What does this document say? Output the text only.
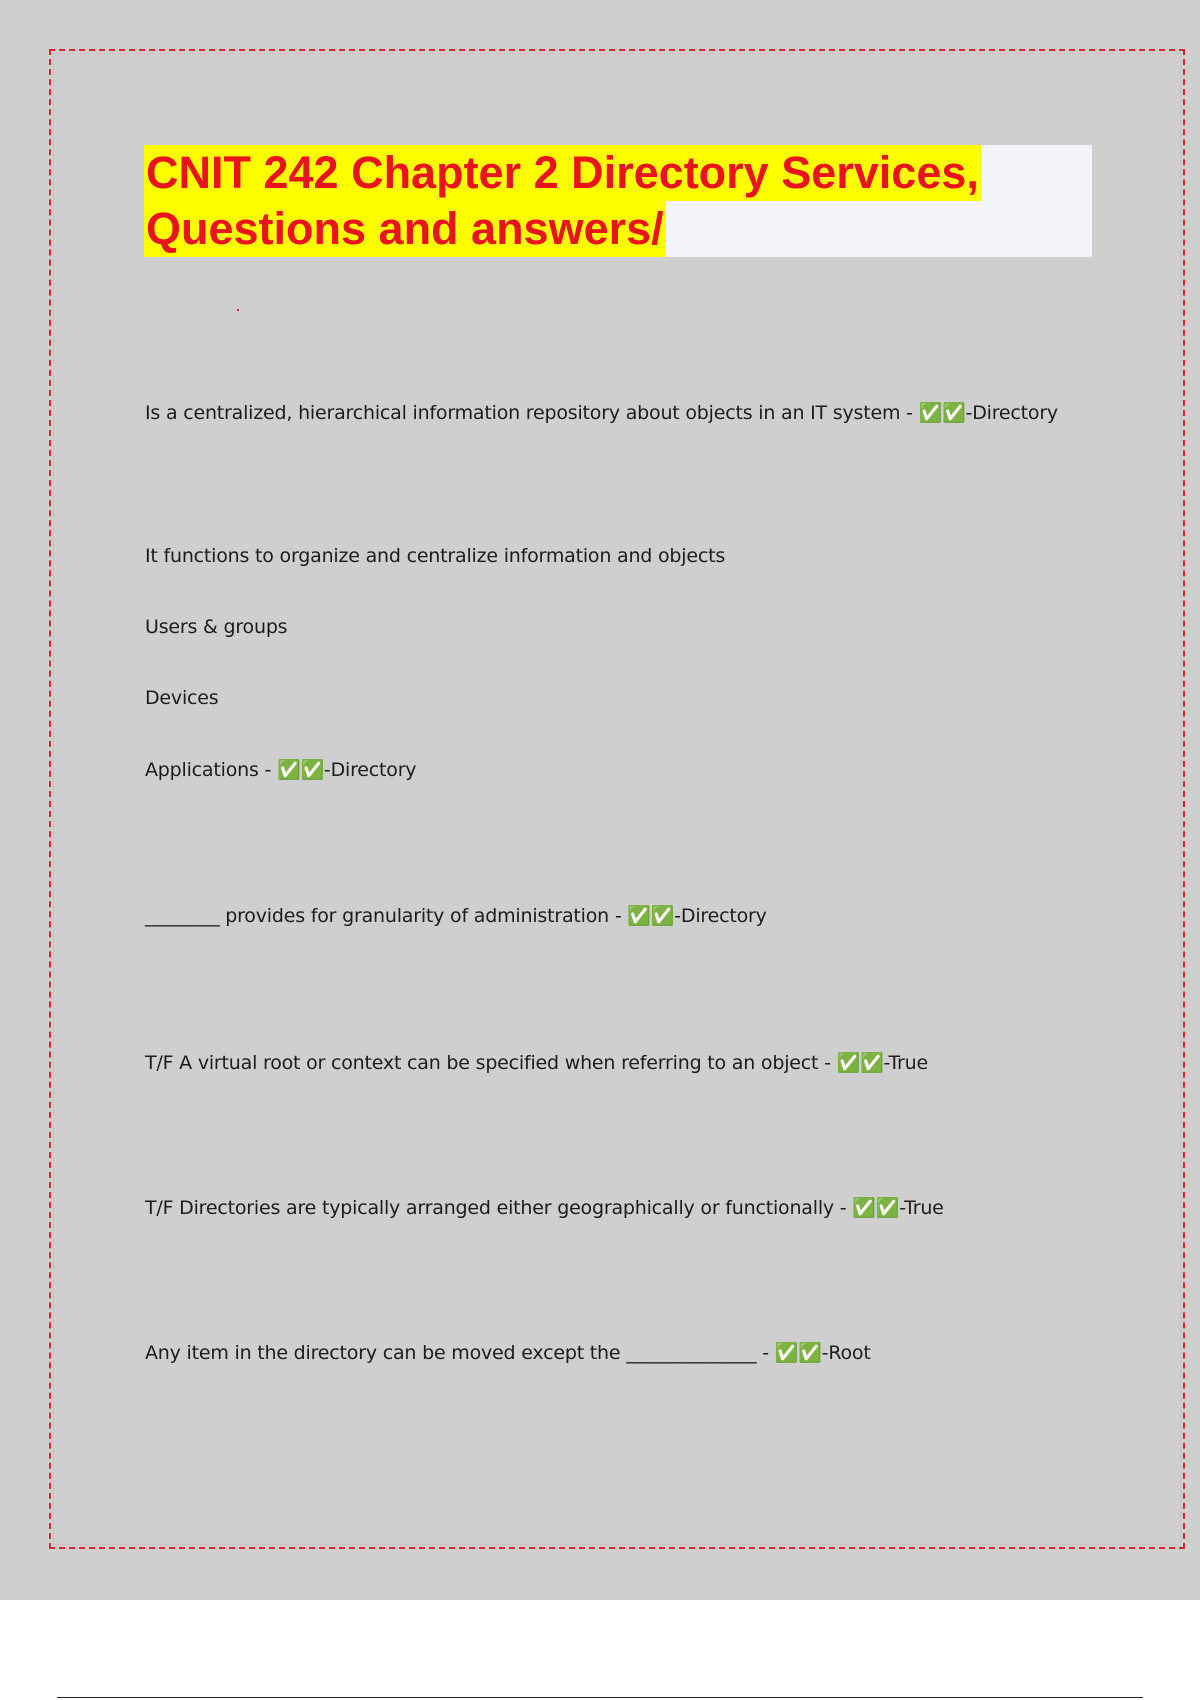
CNIT 242 Chapter 2 Directory Services,
Questions and answers/
Is a centralized, hierarchical information repository about objects in an IT system - ✅✅-Directory
It functions to organize and centralize information and objects
Users & groups
Devices
Applications - ✅✅-Directory
________ provides for granularity of administration - ✅✅-Directory
T/F A virtual root or context can be specified when referring to an object - ✅✅-True
T/F Directories are typically arranged either geographically or functionally - ✅✅-True
Any item in the directory can be moved except the ______________ - ✅✅-Root
